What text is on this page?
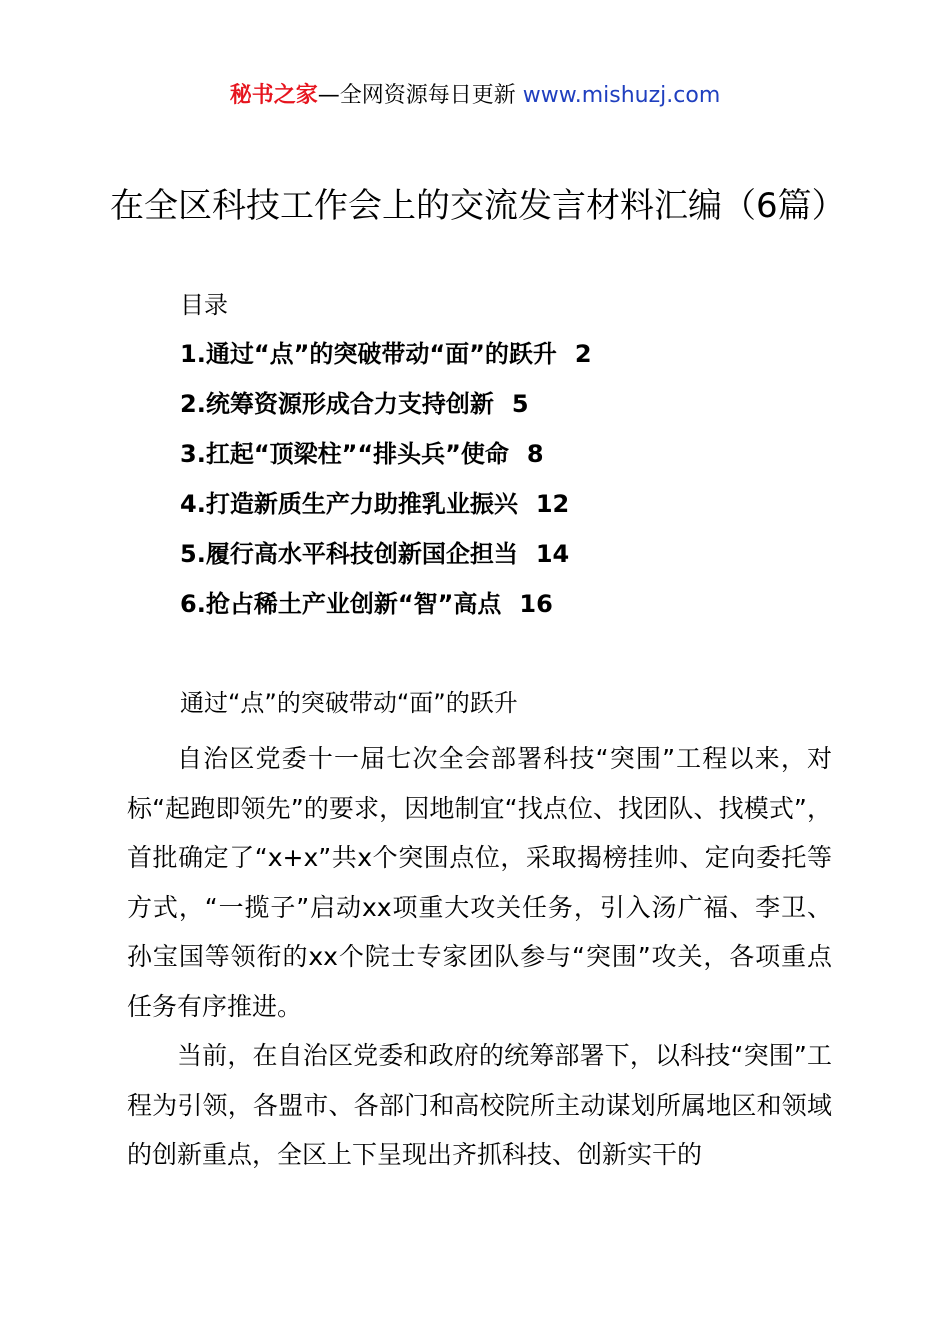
秘书之家—全网资源每日更新 www.mishuzj.com
在全区科技工作会上的交流发言材料汇编（6篇）
目录
1.通过“点”的突破带动“面”的跃升 2
2.统筹资源形成合力支持创新 5
3.扛起“顶梁柱”“排头兵”使命 8
4.打造新质生产力助推乳业振兴 12
5.履行高水平科技创新国企担当 14
6.抢占稀土产业创新“智”高点 16
通过“点”的突破带动“面”的跃升

自治区党委十一届七次全会部署科技“突围”工程以来，对标“起跑即领先”的要求，因地制宜“找点位、找团队、找模式”，首批确定了“x+x”共x个突围点位，采取揭榜挂帅、定向委托等方式，“一揽子”启动xx项重大攻关任务，引入汤广福、李卫、孙宝国等领衔的xx个院士专家团队参与“突围”攻关，各项重点任务有序推进。

当前，在自治区党委和政府的统筹部署下，以科技“突围”工程为引领，各盟市、各部门和高校院所主动谋划所属地区和领域的创新重点，全区上下呈现出齐抓科技、创新实干的
